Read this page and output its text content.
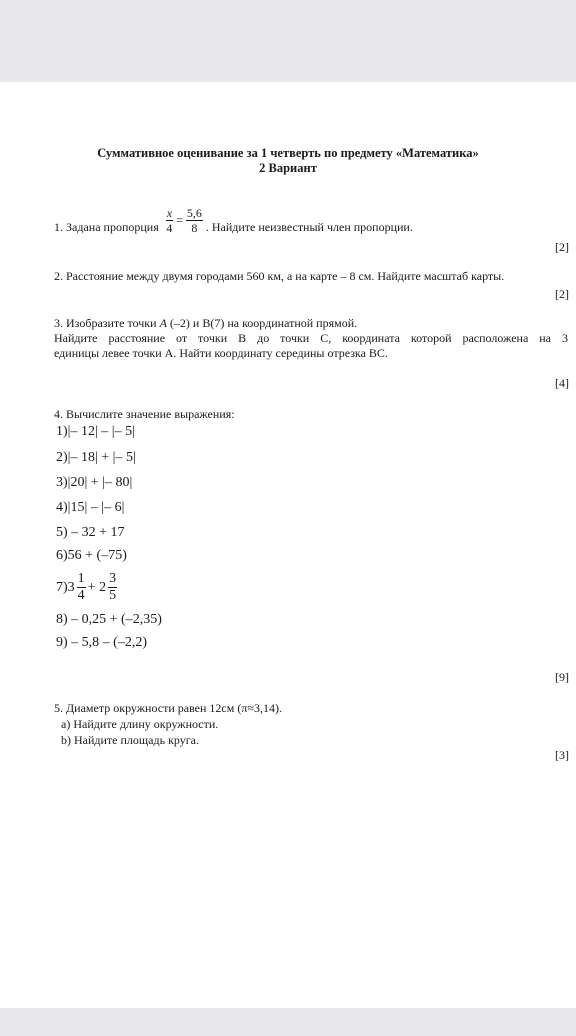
Суммативное оценивание за 1 четверть по предмету «Математика»
2 Вариант
1. Задана пропорция $\frac{x}{4} = \frac{5,6}{8}$ . Найдите неизвестный член пропорции.
[2]
2. Расстояние между двумя городами 560 км, а на карте – 8 см. Найдите масштаб карты.
[2]
3. Изобразите точки A (–2) и В(7) на координатной прямой.
Найдите расстояние от точки B до точки C, координата которой расположена на 3
единицы левее точки A. Найти координату середины отрезка ВС.
[4]
4. Вычислите значение выражения:
1)|– 12| – |– 5|
2)|– 18| + |– 5|
3)|20| + |– 80|
4)|15| – |– 6|
5) – 32 + 17
6)56 + (–75)
$7)3 \frac{1}{4} + 2 \frac{3}{5}$
8) – 0,25 + (–2,35)
9) – 5,8 – (–2,2)
[9]
5. Диаметр окружности равен 12см (π≈3,14).
a) Найдите длину окружности.
b) Найдите площадь круга.
[3]
